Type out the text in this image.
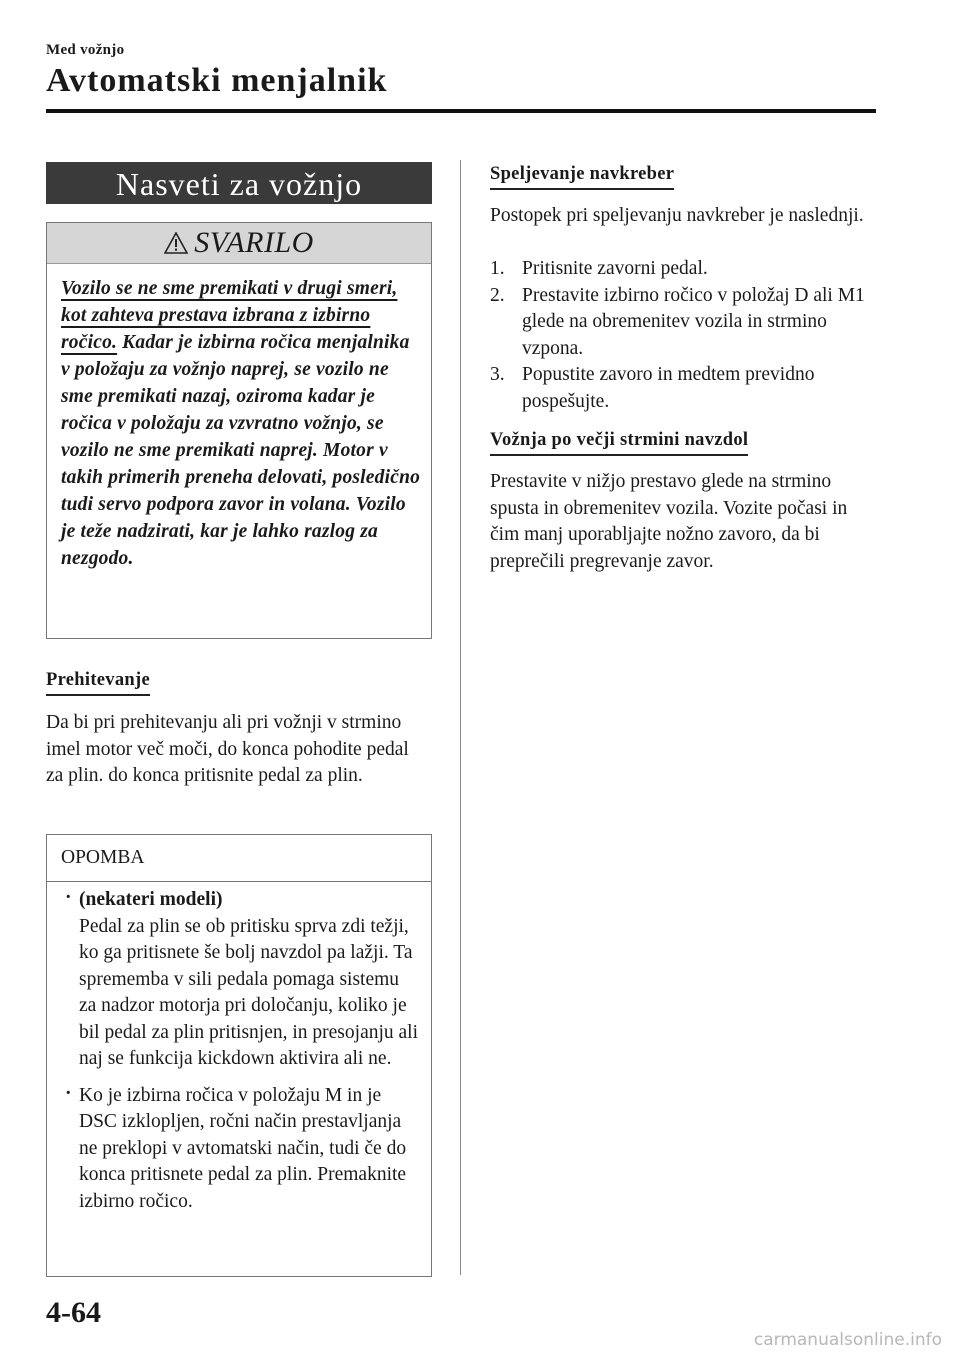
Med vožnjo
Avtomatski menjalnik
Nasveti za vožnjo
SVARILO
Vozilo se ne sme premikati v drugi smeri, kot zahteva prestava izbrana z izbirno ročico. Kadar je izbirna ročica menjalnika v položaju za vožnjo naprej, se vozilo ne sme premikati nazaj, oziroma kadar je ročica v položaju za vzvratno vožnjo, se vozilo ne sme premikati naprej. Motor v takih primerih preneha delovati, posledično tudi servo podpora zavor in volana. Vozilo je teže nadzirati, kar je lahko razlog za nezgodo.
Prehitevanje
Da bi pri prehitevanju ali pri vožnji v strmino imel motor več moči, do konca pohodite pedal za plin. do konca pritisnite pedal za plin.
OPOMBA
· (nekateri modeli)
Pedal za plin se ob pritisku sprva zdi težji, ko ga pritisnete še bolj navzdol pa lažji. Ta sprememba v sili pedala pomaga sistemu za nadzor motorja pri določanju, koliko je bil pedal za plin pritisnjen, in presojanju ali naj se funkcija kickdown aktivira ali ne.
· Ko je izbirna ročica v položaju M in je DSC izklopljen, ročni način prestavljanja ne preklopi v avtomatski način, tudi če do konca pritisnete pedal za plin. Premaknite izbirno ročico.
Speljevanje navkreber
Postopek pri speljevanju navkreber je naslednji.
1. Pritisnite zavorni pedal.
2. Prestavite izbirno ročico v položaj D ali M1 glede na obremenitev vozila in strmino vzpona.
3. Popustite zavoro in medtem previdno pospešujte.
Vožnja po večji strmini navzdol
Prestavite v nižjo prestavo glede na strmino spusta in obremenitev vozila. Vozite počasi in čim manj uporabljajte nožno zavoro, da bi preprečili pregrevanje zavor.
4-64
carmanualsonline.info
